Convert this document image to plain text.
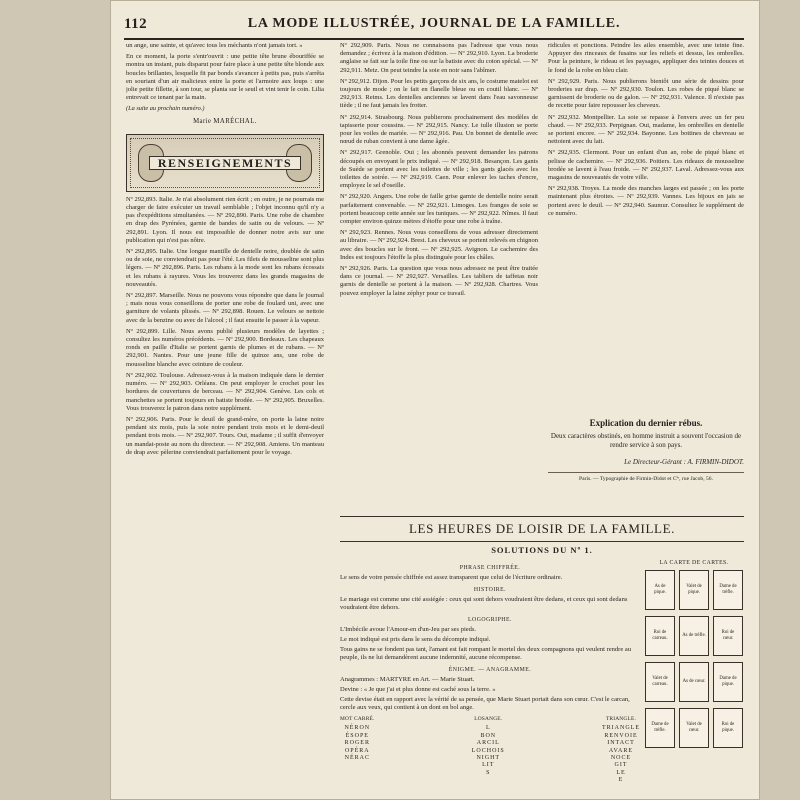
112	LA MODE ILLUSTRÉE, JOURNAL DE LA FAMILLE.

un ange, une sainte, et qu'avec tous les méchants n'ont jamais tort. »

En ce moment, la porte s'entr'ouvrit : une petite tête brune ébouriffée se montra un instant, puis disparut pour faire place à une petite tête blonde aux boucles brillantes, lesquelle fit par bonds s'avancer à petits pas, puis s'arrêta en souriant d'un air malicieux entre la porte et l'armoire aux loups : une jolie petite fillette, à son tour, se planta sur le seuil et vint tenir le coin. Lilia entrevait ce tenant par la main.

(La suite au prochain numéro.)
Marie MARÉCHAL.
RENSEIGNEMENTS

Nº 292,893. Italie. Je n'ai absolument rien écrit ; en outre, je ne pourrais me charger de faire exécuter un travail semblable ; l'objet inconnu qu'il n'y a pas d'expéditions simultanées. — Nº 292,890. Paris. Une robe de chambre en drap des Pyrénées, garnie de bandes de satin ou de velours. — Nº 292,891. Lyon. Il nous est impossible de donner notre avis sur une publication qui n'est pas nôtre.

Nº 292,895. Italie. Une longue mantille de dentelle noire, doublée de satin ou de soie, ne conviendrait pas pour l'été. Les filets de mousseline sont plus légers. — Nº 292,896. Paris. Les rubans à la mode sont les rubans écossais et les rubans à rayures. Vous les trouverez dans les grands magasins de nouveautés.

Nº 292,897. Marseille. Nous ne pouvons vous répondre que dans le journal ; mais nous vous conseillons de porter une robe de foulard uni, avec une garniture de volants plissés. — Nº 292,898. Rouen. Le velours se nettoie avec de la benzine ou avec de l'alcool ; il faut ensuite le passer à la vapeur.

Nº 292,899. Lille. Nous avons publié plusieurs modèles de layettes ; consultez les numéros précédents. — Nº 292,900. Bordeaux. Les chapeaux ronds en paille d'Italie se portent garnis de plumes et de rubans. — Nº 292,901. Nantes. Pour une jeune fille de quinze ans, une robe de mousseline blanche avec ceinture de couleur.

Nº 292,902. Toulouse. Adressez-vous à la maison indiquée dans le dernier numéro. — Nº 292,903. Orléans. On peut employer le crochet pour les bordures de couvertures de berceau. — Nº 292,904. Genève. Les cols et manchettes se portent toujours en batiste brodée. — Nº 292,905. Bruxelles. Vous trouverez le patron dans notre supplément.

Nº 292,906. Paris. Pour le deuil de grand-mère, on porte la laine noire pendant six mois, puis la soie noire pendant trois mois et le demi-deuil pendant trois mois. — Nº 292,907. Tours. Oui, madame ; il suffit d'envoyer un mandat-poste au nom du directeur. — Nº 292,908. Amiens. Un manteau de drap avec pèlerine conviendrait parfaitement pour le voyage.

Nº 292,909. Paris. Nous ne connaissons pas l'adresse que vous nous demandez ; écrivez à la maison d'édition. — Nº 292,910. Lyon. La broderie anglaise se fait sur la toile fine ou sur la batiste avec du coton spécial. — Nº 292,911. Metz. On peut teindre la soie en noir sans l'abîmer.

Nº 292,912. Dijon. Pour les petits garçons de six ans, le costume matelot est toujours de mode ; on le fait en flanelle bleue ou en coutil blanc. — Nº 292,913. Reims. Les dentelles anciennes se lavent dans l'eau savonneuse tiède ; il ne faut jamais les frotter.

Nº 292,914. Strasbourg. Nous publierons prochainement des modèles de tapisserie pour coussins. — Nº 292,915. Nancy. Le tulle illusion se porte pour les voiles de mariée. — Nº 292,916. Pau. Un bonnet de dentelle avec nœud de ruban convient à une dame âgée.

Nº 292,917. Grenoble. Oui ; les abonnés peuvent demander les patrons découpés en envoyant le prix indiqué. — Nº 292,918. Besançon. Les gants de Suède se portent avec les toilettes de ville ; les gants glacés avec les toilettes de soirée. — Nº 292,919. Caen. Pour enlever les taches d'encre, employez le sel d'oseille.

Nº 292,920. Angers. Une robe de faille grise garnie de dentelle noire serait parfaitement convenable. — Nº 292,921. Limoges. Les franges de soie se portent beaucoup cette année sur les tuniques. — Nº 292,922. Nîmes. Il faut compter environ quinze mètres d'étoffe pour une robe à traîne.

Nº 292,923. Rennes. Nous vous conseillons de vous adresser directement au libraire. — Nº 292,924. Brest. Les cheveux se portent relevés en chignon avec des boucles sur le front. — Nº 292,925. Avignon. Le cachemire des Indes est toujours l'étoffe la plus distinguée pour les châles.

Nº 292,926. Paris. La question que vous nous adressez ne peut être traitée dans ce journal. — Nº 292,927. Versailles. Les tabliers de taffetas noir garnis de dentelle se portent à la maison. — Nº 292,928. Chartres. Vous pouvez employer la laine zéphyr pour ce travail.

ridicules et ponctions. Peindre les ailes ensemble, avec une teinte fine. Appuyer des rinceaux de fusains sur les reliefs et dessus, les ombrelles. Pour la peinture, le rideau et les paysages, appliquer des teintes douces et le fond de la robe en bleu clair.

Nº 292,929. Paris. Nous publierons bientôt une série de dessins pour broderies sur drap. — Nº 292,930. Toulon. Les robes de piqué blanc se garnissent de broderie ou de galon. — Nº 292,931. Valence. Il n'existe pas de recette pour faire repousser les cheveux.

Nº 292,932. Montpellier. La soie se repasse à l'envers avec un fer peu chaud. — Nº 292,933. Perpignan. Oui, madame, les ombrelles en dentelle se portent encore. — Nº 292,934. Bayonne. Les bottines de chevreau se nettoient avec du lait.

Nº 292,935. Clermont. Pour un enfant d'un an, robe de piqué blanc et pelisse de cachemire. — Nº 292,936. Poitiers. Les rideaux de mousseline brodée se lavent à l'eau froide. — Nº 292,937. Laval. Adressez-vous aux magasins de nouveautés de votre ville.

Nº 292,938. Troyes. La mode des manches larges est passée ; on les porte maintenant plus étroites. — Nº 292,939. Vannes. Les bijoux en jais se portent avec le deuil. — Nº 292,940. Saumur. Consultez le supplément de ce numéro.

Explication du dernier rébus.
Deux caractères obstinés, en homme instruit a souvent l'occasion de rendre service à son pays.
Le Directeur-Gérant : A. FIRMIN-DIDOT.
Paris. — Typographie de Firmin-Didot et Cⁱᵉ, rue Jacob, 56.
LES HEURES DE LOISIR DE LA FAMILLE.
SOLUTIONS DU Nº 1.
PHRASE CHIFFRÉE.
Le sens de votre pensée chiffrée est assez transparent que celui de l'écriture ordinaire.
HISTOIRE.
Le mariage est comme une cité assiégée : ceux qui sont dehors voudraient être dedans, et ceux qui sont dedans voudraient être dehors.
LOGOGRIPHE.
L'Imbécile avoue l'Amour-en d'un-Jeu par ses pieds.
Le mot indiqué est pris dans le sens du décompte indiqué.
Tous gains ne se fondent pas tant, l'amant est fait rompant le mortel des deux compagnons qui veulent rendre au peuple, ils ne lui demandèrent aucune indemnité, aucune récompense.
ÉNIGME. — ANAGRAMME.
Anagrammes : MARTYRE en Art. — Marie Stuart.
Devine : « Je que j'ai et plus donne est caché sous la terre. »
Cette devise était en rapport avec la vérité de sa pensée, que Marie Stuart portait dans son cœur. C'est le carcan, cercle aux veux, qui contient à un dont en bol ange.
MOT CARRÉ.
NÉRON
ÉSOPE
ROGER
OPÉRA
NÉRAC
LOSANGE.
L
BON
ARCIL
LOCHOIS
NIGHT
LIT
S
TRIANGLE.
TRIANGLE
RENVOIE
INTACT
AVARE
NOCE
GIT
LE
E
LA CARTE DE CARTES.
As de pique.
Valet de pique.
Dame de trèfle.
Roi de carreau.
As de trèfle.
Roi de cœur.
Valet de carreau.
As de cœur.
Dame de pique.
Dame de trèfle.
Valet de cœur.
Roi de pique.
